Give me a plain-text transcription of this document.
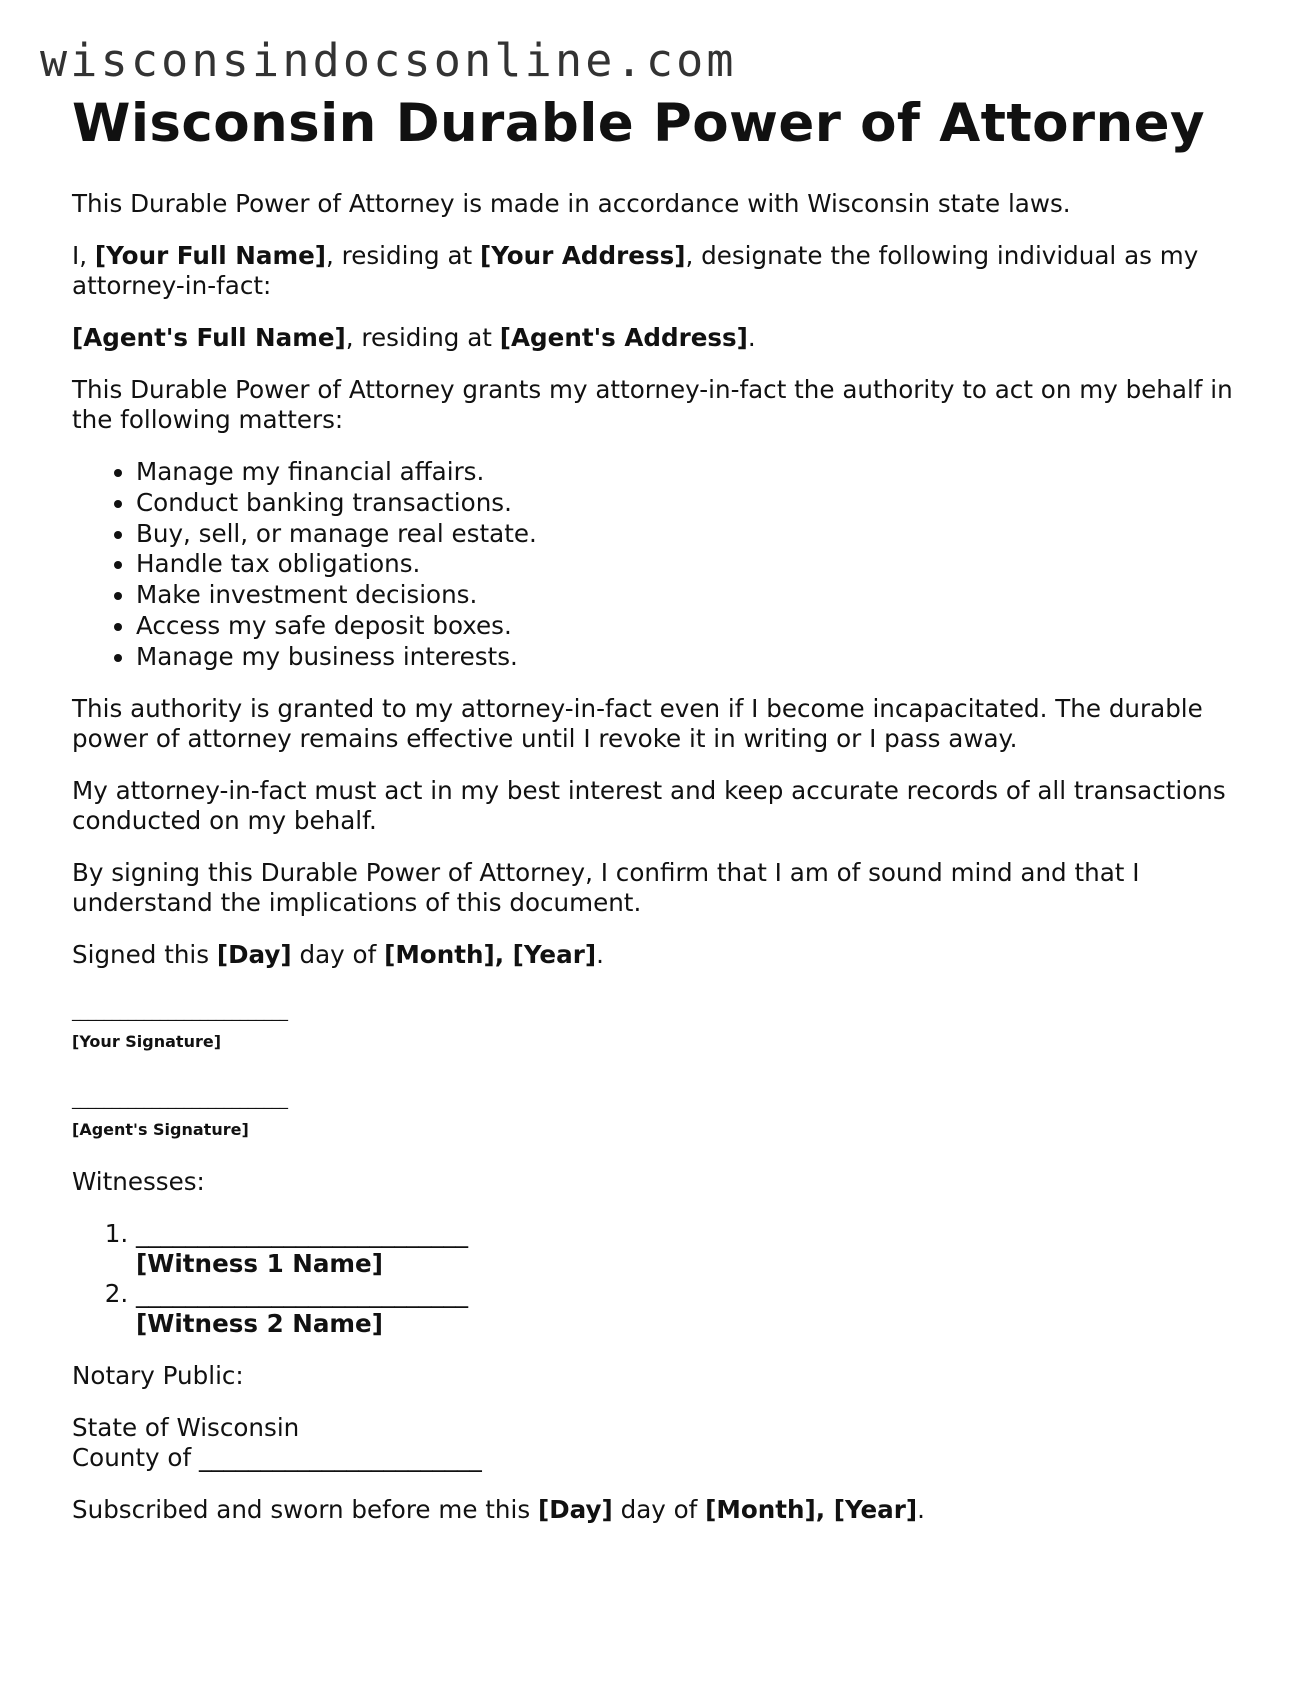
wisconsindocsonline.com
Wisconsin Durable Power of Attorney

This Durable Power of Attorney is made in accordance with Wisconsin state laws.

I, [Your Full Name], residing at [Your Address], designate the following individual as my attorney-in-fact:

[Agent's Full Name], residing at [Agent's Address].

This Durable Power of Attorney grants my attorney-in-fact the authority to act on my behalf in the following matters:

• Manage my financial affairs.
• Conduct banking transactions.
• Buy, sell, or manage real estate.
• Handle tax obligations.
• Make investment decisions.
• Access my safe deposit boxes.
• Manage my business interests.

This authority is granted to my attorney-in-fact even if I become incapacitated. The durable power of attorney remains effective until I revoke it in writing or I pass away.

My attorney-in-fact must act in my best interest and keep accurate records of all transactions conducted on my behalf.

By signing this Durable Power of Attorney, I confirm that I am of sound mind and that I understand the implications of this document.

Signed this [Day] day of [Month], [Year].

___________________________
[Your Signature]
___________________________
[Agent's Signature]

Witnesses:

1. ___________________________
[Witness 1 Name]
2. ___________________________
[Witness 2 Name]

Notary Public:

State of Wisconsin
County of _______________________

Subscribed and sworn before me this [Day] day of [Month], [Year].
